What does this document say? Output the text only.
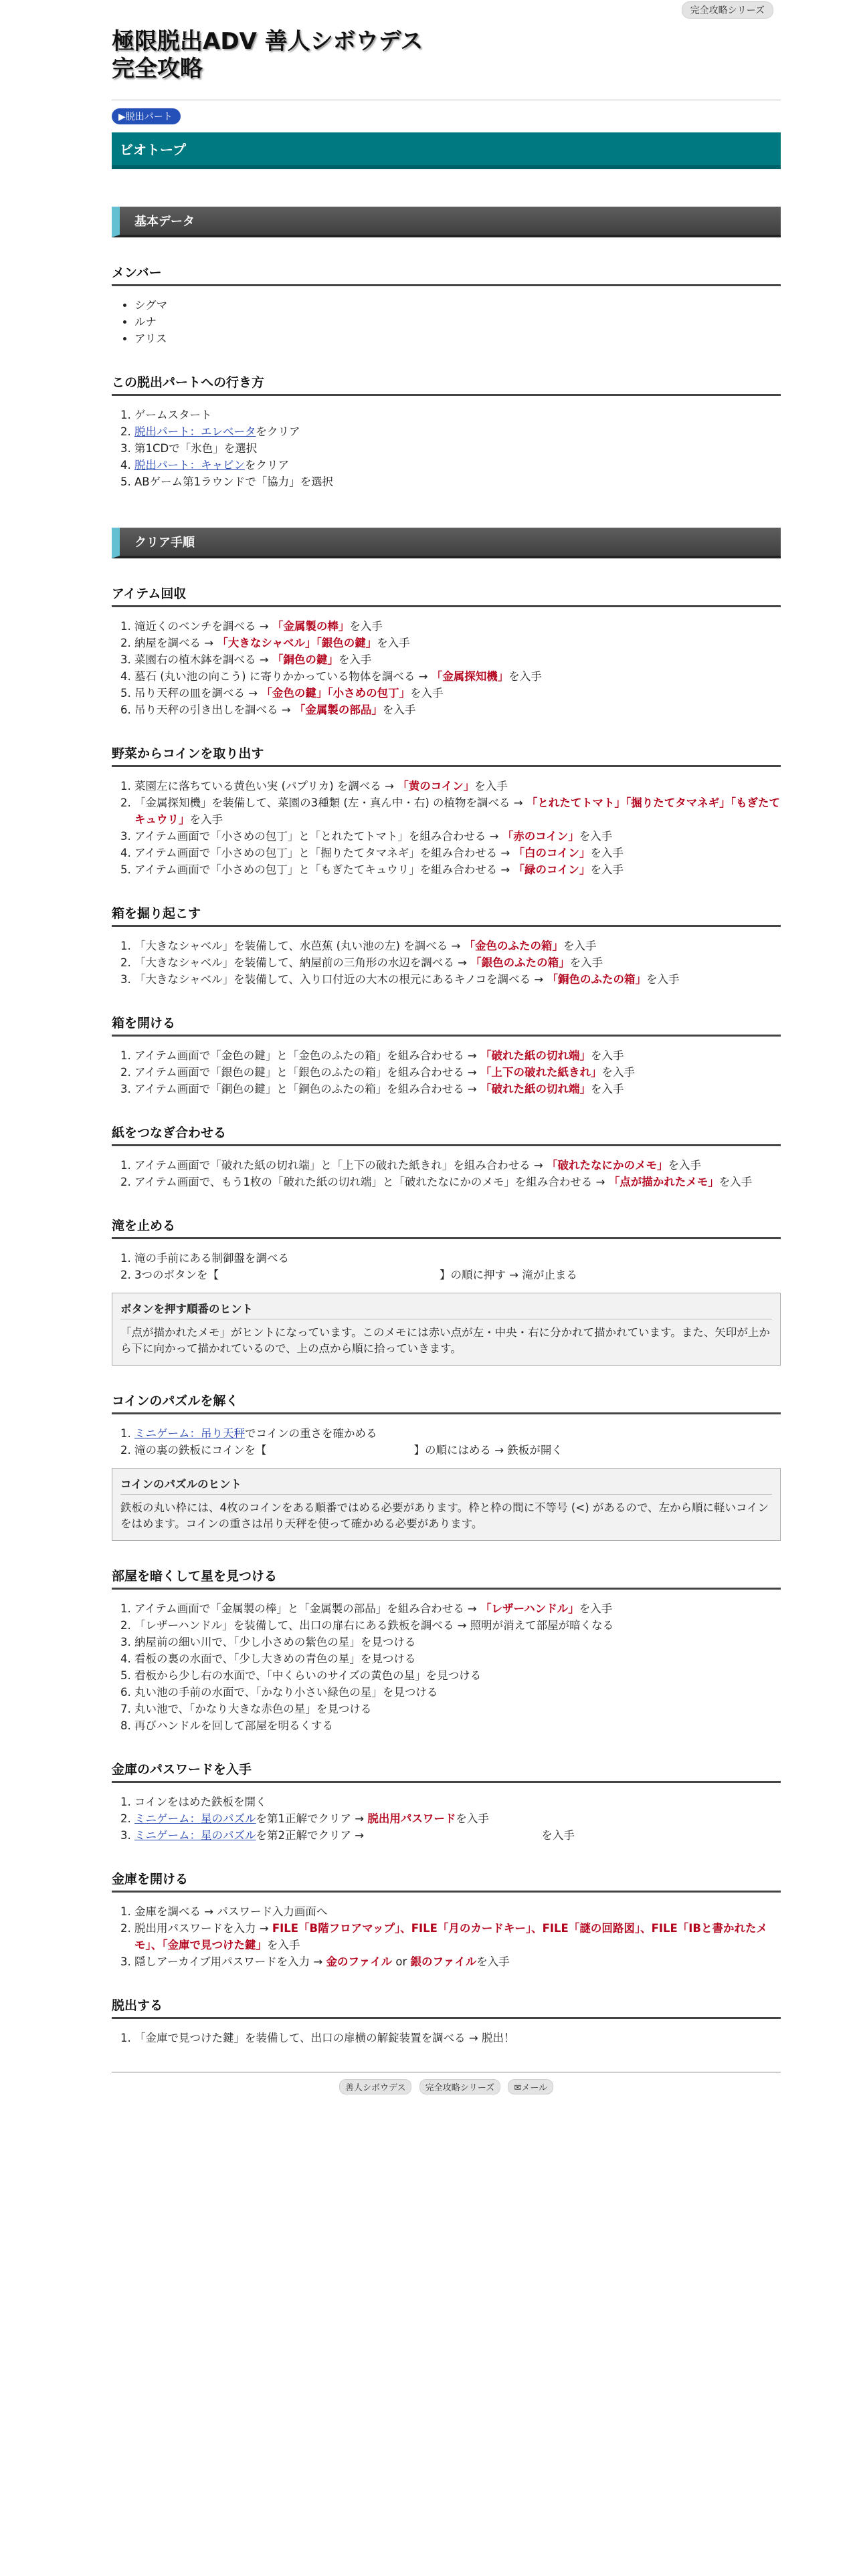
完全攻略シリーズ
極限脱出ADV 善人シボウデス
完全攻略
▶脱出パート
ビオトープ
基本データ
メンバー
• シグマ
• ルナ
• アリス
この脱出パートへの行き方
1. ゲームスタート
2. 脱出パート：エレベータをクリア
3. 第1CDで「氷色」を選択
4. 脱出パート：キャビンをクリア
5. ABゲーム第1ラウンドで「協力」を選択
クリア手順
アイテム回収
1. 滝近くのベンチを調べる → 「金属製の棒」を入手
2. 納屋を調べる → 「大きなシャベル」「銀色の鍵」を入手
3. 菜園右の植木鉢を調べる → 「銅色の鍵」を入手
4. 墓石 (丸い池の向こう) に寄りかかっている物体を調べる → 「金属探知機」を入手
5. 吊り天秤の皿を調べる → 「金色の鍵」「小さめの包丁」を入手
6. 吊り天秤の引き出しを調べる → 「金属製の部品」を入手
野菜からコインを取り出す
1. 菜園左に落ちている黄色い実 (パプリカ) を調べる → 「黄のコイン」を入手
2. 「金属探知機」を装備して、菜園の3種類 (左・真ん中・右) の植物を調べる → 「とれたてトマト」「掘りたてタマネギ」「もぎたてキュウリ」を入手
3. アイテム画面で「小さめの包丁」と「とれたてトマト」を組み合わせる → 「赤のコイン」を入手
4. アイテム画面で「小さめの包丁」と「掘りたてタマネギ」を組み合わせる → 「白のコイン」を入手
5. アイテム画面で「小さめの包丁」と「もぎたてキュウリ」を組み合わせる → 「緑のコイン」を入手
箱を掘り起こす
1. 「大きなシャベル」を装備して、水芭蕉 (丸い池の左) を調べる → 「金色のふたの箱」を入手
2. 「大きなシャベル」を装備して、納屋前の三角形の水辺を調べる → 「銀色のふたの箱」を入手
3. 「大きなシャベル」を装備して、入り口付近の大木の根元にあるキノコを調べる → 「銅色のふたの箱」を入手
箱を開ける
1. アイテム画面で「金色の鍵」と「金色のふたの箱」を組み合わせる → 「破れた紙の切れ端」を入手
2. アイテム画面で「銀色の鍵」と「銀色のふたの箱」を組み合わせる → 「上下の破れた紙きれ」を入手
3. アイテム画面で「銅色の鍵」と「銅色のふたの箱」を組み合わせる → 「破れた紙の切れ端」を入手
紙をつなぎ合わせる
1. アイテム画面で「破れた紙の切れ端」と「上下の破れた紙きれ」を組み合わせる → 「破れたなにかのメモ」を入手
2. アイテム画面で、もう1枚の「破れた紙の切れ端」と「破れたなにかのメモ」を組み合わせる → 「点が描かれたメモ」を入手
滝を止める
1. 滝の手前にある制御盤を調べる
2. 3つのボタンを【	】の順に押す → 滝が止まる
ボタンを押す順番のヒント
「点が描かれたメモ」がヒントになっています。このメモには赤い点が左・中央・右に分かれて描かれています。また、矢印が上から下に向かって描かれているので、上の点から順に拾っていきます。
コインのパズルを解く
1. ミニゲーム：吊り天秤でコインの重さを確かめる
2. 滝の裏の鉄板にコインを【	】の順にはめる → 鉄板が開く
コインのパズルのヒント
鉄板の丸い枠には、4枚のコインをある順番ではめる必要があります。枠と枠の間に不等号 (<) があるので、左から順に軽いコインをはめます。コインの重さは吊り天秤を使って確かめる必要があります。
部屋を暗くして星を見つける
1. アイテム画面で「金属製の棒」と「金属製の部品」を組み合わせる → 「レザーハンドル」を入手
2. 「レザーハンドル」を装備して、出口の扉右にある鉄板を調べる → 照明が消えて部屋が暗くなる
3. 納屋前の細い川で、「少し小さめの紫色の星」を見つける
4. 看板の裏の水面で、「少し大きめの青色の星」を見つける
5. 看板から少し右の水面で、「中くらいのサイズの黄色の星」を見つける
6. 丸い池の手前の水面で、「かなり小さい緑色の星」を見つける
7. 丸い池で、「かなり大きな赤色の星」を見つける
8. 再びハンドルを回して部屋を明るくする
金庫のパスワードを入手
1. コインをはめた鉄板を開く
2. ミニゲーム：星のパズルを第1正解でクリア → 脱出用パスワードを入手
3. ミニゲーム：星のパズルを第2正解でクリア →	を入手
金庫を開ける
1. 金庫を調べる → パスワード入力画面へ
2. 脱出用パスワードを入力 → FILE「B階フロアマップ」、FILE「月のカードキー」、FILE「謎の回路図」、FILE「IBと書かれたメモ」、「金庫で見つけた鍵」を入手
3. 隠しアーカイブ用パスワードを入力 → 金のファイル or 銀のファイルを入手
脱出する
1. 「金庫で見つけた鍵」を装備して、出口の扉横の解錠装置を調べる → 脱出！
善人シボウデス 完全攻略シリーズ ✉メール
